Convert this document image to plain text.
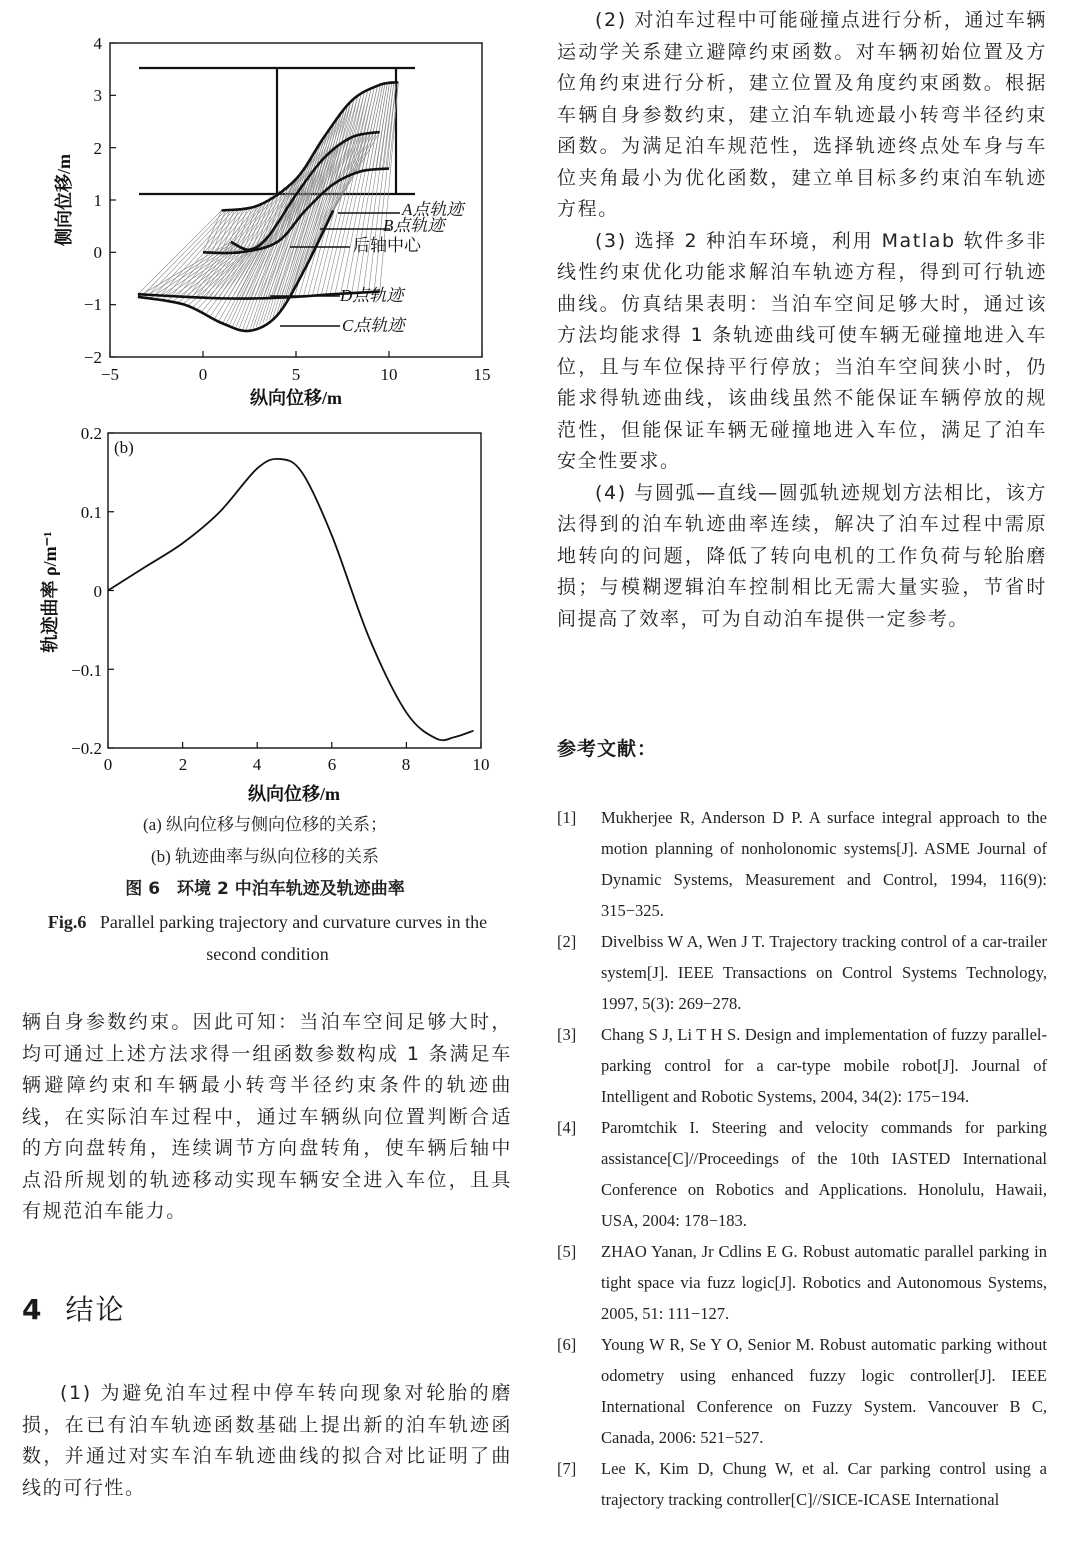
A点轨迹
B点轨迹
后轴中心
D点轨迹
C点轨迹
−5	0	5	10	15
4
3
2
1
0
−1
−2
纵向位移/m
侧向位移/m
(b)
0	2	4	6	8	10
0.2
0.1
0
−0.1
−0.2
纵向位移/m
轨迹曲率 ρ/m⁻¹
(a) 纵向位移与侧向位移的关系；
(b) 轨迹曲率与纵向位移的关系
图 6　环境 2 中泊车轨迹及轨迹曲率
Fig.6 Parallel parking trajectory and curvature curves in the second condition

辆自身参数约束。因此可知：当泊车空间足够大时，均可通过上述方法求得一组函数参数构成 1 条满足车辆避障约束和车辆最小转弯半径约束条件的轨迹曲线，在实际泊车过程中，通过车辆纵向位置判断合适的方向盘转角，连续调节方向盘转角，使车辆后轴中点沿所规划的轨迹移动实现车辆安全进入车位，且具有规范泊车能力。

4 结论

(1) 为避免泊车过程中停车转向现象对轮胎的磨损，在已有泊车轨迹函数基础上提出新的泊车轨迹函数，并通过对实车泊车轨迹曲线的拟合对比证明了曲线的可行性。

(2) 对泊车过程中可能碰撞点进行分析，通过车辆运动学关系建立避障约束函数。对车辆初始位置及方位角约束进行分析，建立位置及角度约束函数。根据车辆自身参数约束，建立泊车轨迹最小转弯半径约束函数。为满足泊车规范性，选择轨迹终点处车身与车位夹角最小为优化函数，建立单目标多约束泊车轨迹方程。

(3) 选择 2 种泊车环境，利用 Matlab 软件多非线性约束优化功能求解泊车轨迹方程，得到可行轨迹曲线。仿真结果表明：当泊车空间足够大时，通过该方法均能求得 1 条轨迹曲线可使车辆无碰撞地进入车位，且与车位保持平行停放；当泊车空间狭小时，仍能求得轨迹曲线，该曲线虽然不能保证车辆停放的规范性，但能保证车辆无碰撞地进入车位，满足了泊车安全性要求。

(4) 与圆弧—直线—圆弧轨迹规划方法相比，该方法得到的泊车轨迹曲率连续，解决了泊车过程中需原地转向的问题，降低了转向电机的工作负荷与轮胎磨损；与模糊逻辑泊车控制相比无需大量实验，节省时间提高了效率，可为自动泊车提供一定参考。

参考文献：
[1]	Mukherjee R, Anderson D P. A surface integral approach to the motion planning of nonholonomic systems[J]. ASME Journal of Dynamic Systems, Measurement and Control, 1994, 116(9): 315−325.
[2]	Divelbiss W A, Wen J T. Trajectory tracking control of a car-trailer system[J]. IEEE Transactions on Control Systems Technology, 1997, 5(3): 269−278.
[3]	Chang S J, Li T H S. Design and implementation of fuzzy parallel-parking control for a car-type mobile robot[J]. Journal of Intelligent and Robotic Systems, 2004, 34(2): 175−194.
[4]	Paromtchik I. Steering and velocity commands for parking assistance[C]//Proceedings of the 10th IASTED International Conference on Robotics and Applications. Honolulu, Hawaii, USA, 2004: 178−183.
[5]	ZHAO Yanan, Jr Cdlins E G. Robust automatic parallel parking in tight space via fuzz logic[J]. Robotics and Autonomous Systems, 2005, 51: 111−127.
[6]	Young W R, Se Y O, Senior M. Robust automatic parking without odometry using enhanced fuzzy logic controller[J]. IEEE International Conference on Fuzzy System. Vancouver B C, Canada, 2006: 521−527.
[7]	Lee K, Kim D, Chung W, et al. Car parking control using a trajectory tracking controller[C]//SICE-ICASE International
